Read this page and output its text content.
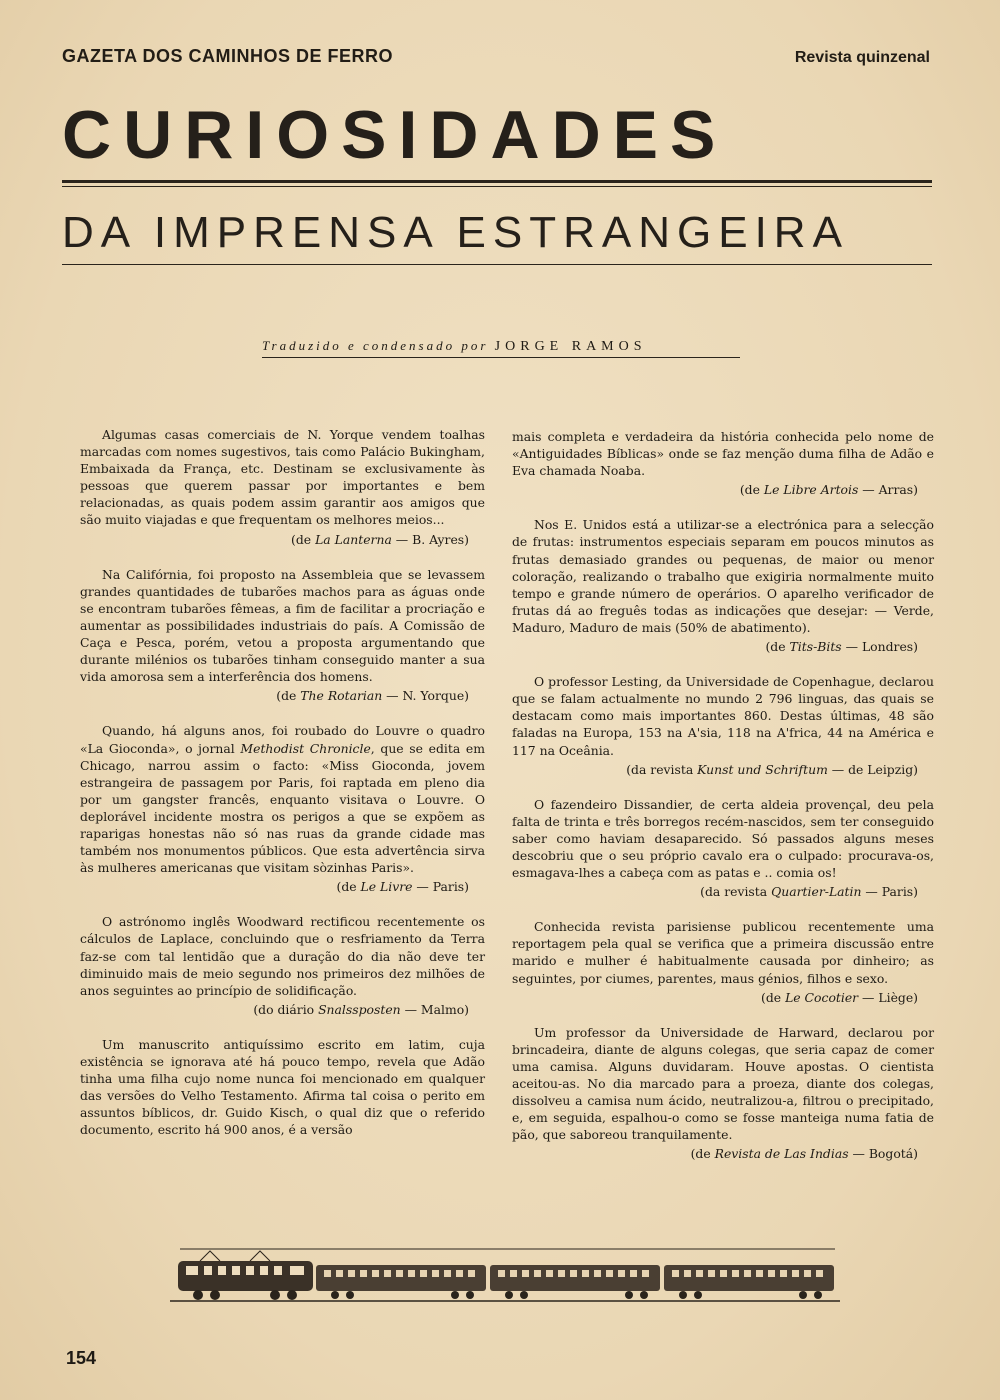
GAZETA DOS CAMINHOS DE FERRO	Revista quinzenal
CURIOSIDADES
DA IMPRENSA ESTRANGEIRA
Traduzido e condensado por JORGE RAMOS

Algumas casas comerciais de N. Yorque vendem toalhas marcadas com nomes sugestivos, tais como Palácio Bukingham, Embaixada da França, etc. Destinam se exclusivamente às pessoas que querem passar por importantes e bem relacionadas, as quais podem assim garantir aos amigos que são muito viajadas e que frequentam os melhores meios...

(de La Lanterna — B. Ayres)

Na Califórnia, foi proposto na Assembleia que se levassem grandes quantidades de tubarões machos para as águas onde se encontram tubarões fêmeas, a fim de facilitar a procriação e aumentar as possibilidades industriais do país. A Comissão de Caça e Pesca, porém, vetou a proposta argumentando que durante milénios os tubarões tinham conseguido manter a sua vida amorosa sem a interferência dos homens.

(de The Rotarian — N. Yorque)

Quando, há alguns anos, foi roubado do Louvre o quadro «La Gioconda», o jornal Methodist Chronicle, que se edita em Chicago, narrou assim o facto: «Miss Gioconda, jovem estrangeira de passagem por Paris, foi raptada em pleno dia por um gangster francês, enquanto visitava o Louvre. O deplorável incidente mostra os perigos a que se expõem as raparigas honestas não só nas ruas da grande cidade mas também nos monumentos públicos. Que esta advertência sirva às mulheres americanas que visitam sòzinhas Paris».

(de Le Livre — Paris)

O astrónomo inglês Woodward rectificou recentemente os cálculos de Laplace, concluindo que o resfriamento da Terra faz-se com tal lentidão que a duração do dia não deve ter diminuido mais de meio segundo nos primeiros dez milhões de anos seguintes ao princípio de solidificação.

(do diário Snalssposten — Malmo)

Um manuscrito antiquíssimo escrito em latim, cuja existência se ignorava até há pouco tempo, revela que Adão tinha uma filha cujo nome nunca foi mencionado em qualquer das versões do Velho Testamento. Afirma tal coisa o perito em assuntos bíblicos, dr. Guido Kisch, o qual diz que o referido documento, escrito há 900 anos, é a versão

mais completa e verdadeira da história conhecida pelo nome de «Antiguidades Bíblicas» onde se faz menção duma filha de Adão e Eva chamada Noaba.

(de Le Libre Artois — Arras)

Nos E. Unidos está a utilizar-se a electrónica para a selecção de frutas: instrumentos especiais separam em poucos minutos as frutas demasiado grandes ou pequenas, de maior ou menor coloração, realizando o trabalho que exigiria normalmente muito tempo e grande número de operários. O aparelho verificador de frutas dá ao freguês todas as indicações que desejar: — Verde, Maduro, Maduro de mais (50% de abatimento).

(de Tits-Bits — Londres)

O professor Lesting, da Universidade de Copenhague, declarou que se falam actualmente no mundo 2 796 linguas, das quais se destacam como mais importantes 860. Destas últimas, 48 são faladas na Europa, 153 na A'sia, 118 na A'frica, 44 na América e 117 na Oceânia.

(da revista Kunst und Schriftum — de Leipzig)

O fazendeiro Dissandier, de certa aldeia provençal, deu pela falta de trinta e três borregos recém-nascidos, sem ter conseguido saber como haviam desaparecido. Só passados alguns meses descobriu que o seu próprio cavalo era o culpado: procurava-os, esmagava-lhes a cabeça com as patas e .. comia os!

(da revista Quartier-Latin — Paris)

Conhecida revista parisiense publicou recentemente uma reportagem pela qual se verifica que a primeira discussão entre marido e mulher é habitualmente causada por dinheiro; as seguintes, por ciumes, parentes, maus génios, filhos e sexo.

(de Le Cocotier — Liège)

Um professor da Universidade de Harward, declarou por brincadeira, diante de alguns colegas, que seria capaz de comer uma camisa. Alguns duvidaram. Houve apostas. O cientista aceitou-as. No dia marcado para a proeza, diante dos colegas, dissolveu a camisa num ácido, neutralizou-a, filtrou o precipitado, e, em seguida, espalhou-o como se fosse manteiga numa fatia de pão, que saboreou tranquilamente.

(de Revista de Las Indias — Bogotá)

154
